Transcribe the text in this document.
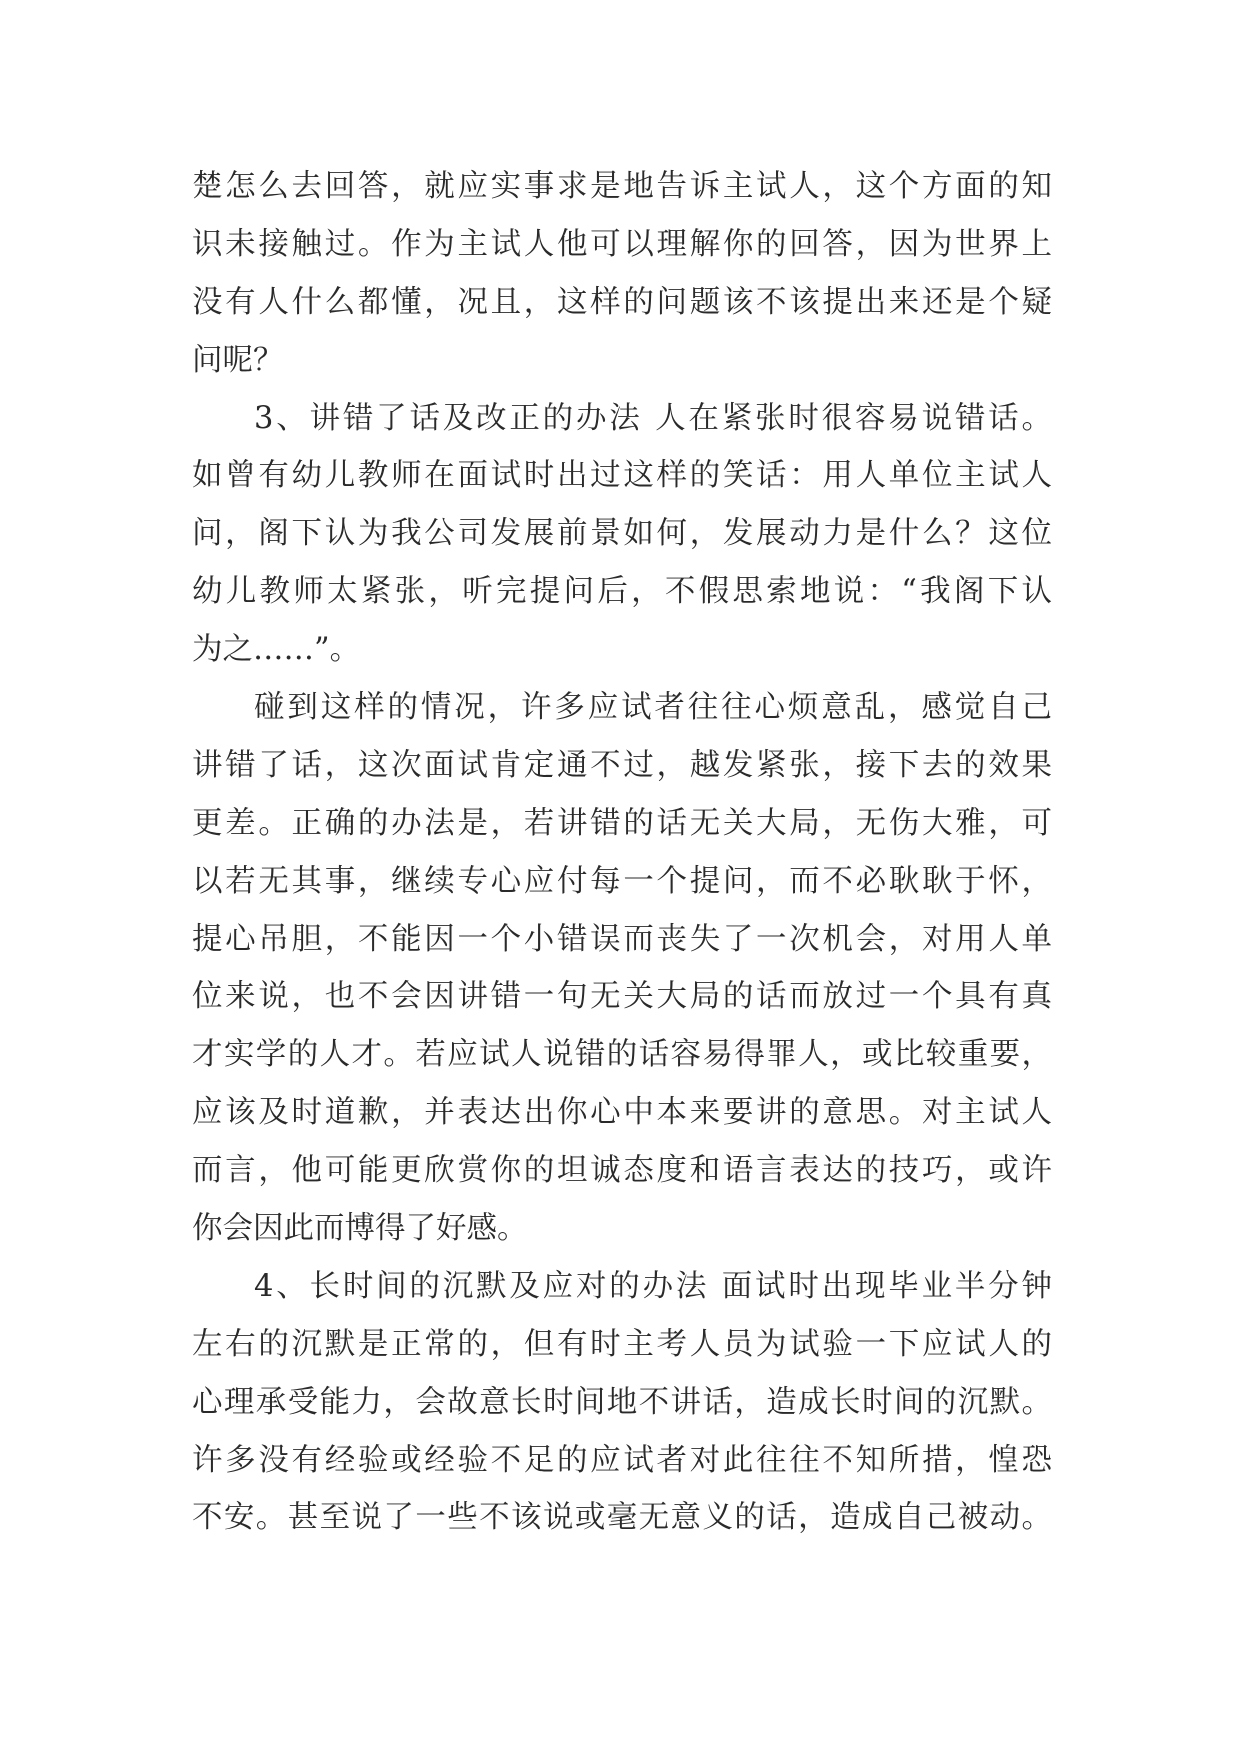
楚怎么去回答，就应实事求是地告诉主试人，这个方面的知
识未接触过。作为主试人他可以理解你的回答，因为世界上
没有人什么都懂，况且，这样的问题该不该提出来还是个疑
问呢？
3、讲错了话及改正的办法 人在紧张时很容易说错话。
如曾有幼儿教师在面试时出过这样的笑话：用人单位主试人
问，阁下认为我公司发展前景如何，发展动力是什么？这位
幼儿教师太紧张，听完提问后，不假思索地说：“我阁下认
为之……”。
碰到这样的情况，许多应试者往往心烦意乱，感觉自己
讲错了话，这次面试肯定通不过，越发紧张，接下去的效果
更差。正确的办法是，若讲错的话无关大局，无伤大雅，可
以若无其事，继续专心应付每一个提问，而不必耿耿于怀，
提心吊胆，不能因一个小错误而丧失了一次机会，对用人单
位来说，也不会因讲错一句无关大局的话而放过一个具有真
才实学的人才。若应试人说错的话容易得罪人，或比较重要，
应该及时道歉，并表达出你心中本来要讲的意思。对主试人
而言，他可能更欣赏你的坦诚态度和语言表达的技巧，或许
你会因此而博得了好感。
4、长时间的沉默及应对的办法 面试时出现毕业半分钟
左右的沉默是正常的，但有时主考人员为试验一下应试人的
心理承受能力，会故意长时间地不讲话，造成长时间的沉默。
许多没有经验或经验不足的应试者对此往往不知所措，惶恐
不安。甚至说了一些不该说或毫无意义的话，造成自己被动。
